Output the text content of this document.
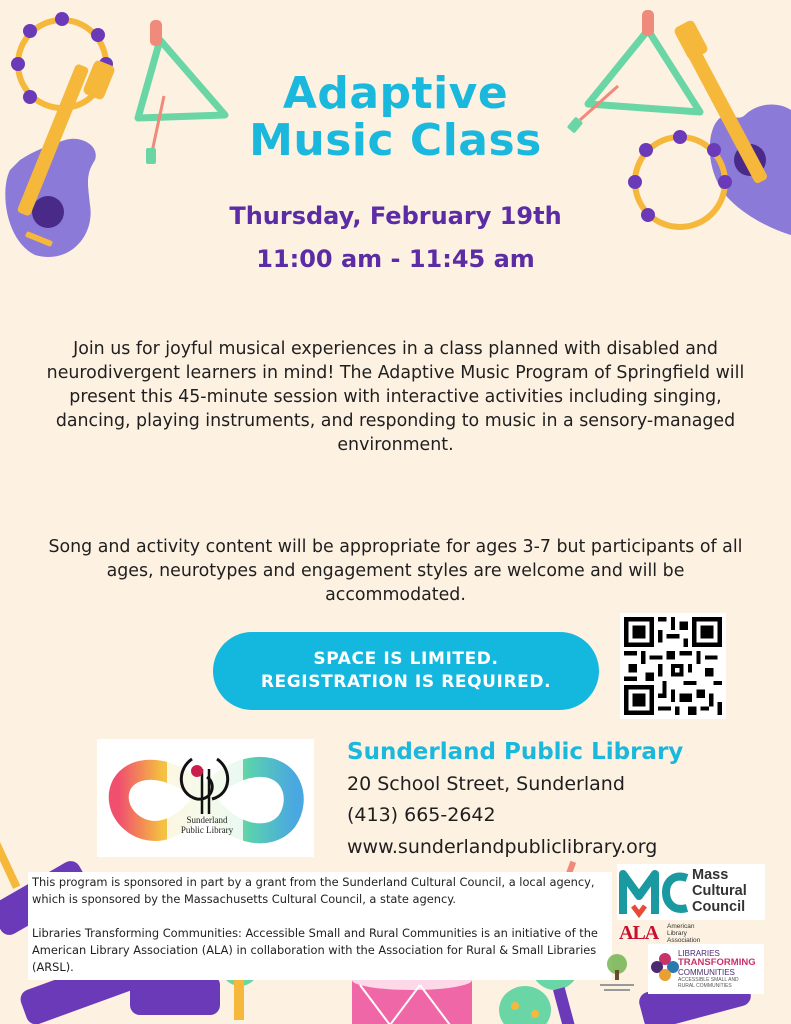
Adaptive
Music Class
Thursday, February 19th
11:00 am - 11:45 am

Join us for joyful musical experiences in a class planned with disabled and neurodivergent learners in mind! The Adaptive Music Program of Springfield will present this 45-minute session with interactive activities including singing, dancing, playing instruments, and responding to music in a sensory-managed environment.

Song and activity content will be appropriate for ages 3-7 but participants of all ages, neurotypes and engagement styles are welcome and will be accommodated.

SPACE IS LIMITED.
REGISTRATION IS REQUIRED.
Sunderland
Public Library
Sunderland Public Library
20 School Street, Sunderland
(413) 665-2642
www.sunderlandpubliclibrary.org

This program is sponsored in part by a grant from the Sunderland Cultural Council, a local agency, which is sponsored by the Massachusetts Cultural Council, a state agency.

Libraries Transforming Communities: Accessible Small and Rural Communities is an initiative of the American Library Association (ALA) in collaboration with the Association for Rural & Small Libraries (ARSL).

Mass
Cultural
Council
ALA American
Library
Association
LIBRARIES
TRANSFORMING
COMMUNITIES
ACCESSIBLE SMALL AND
RURAL COMMUNITIES
